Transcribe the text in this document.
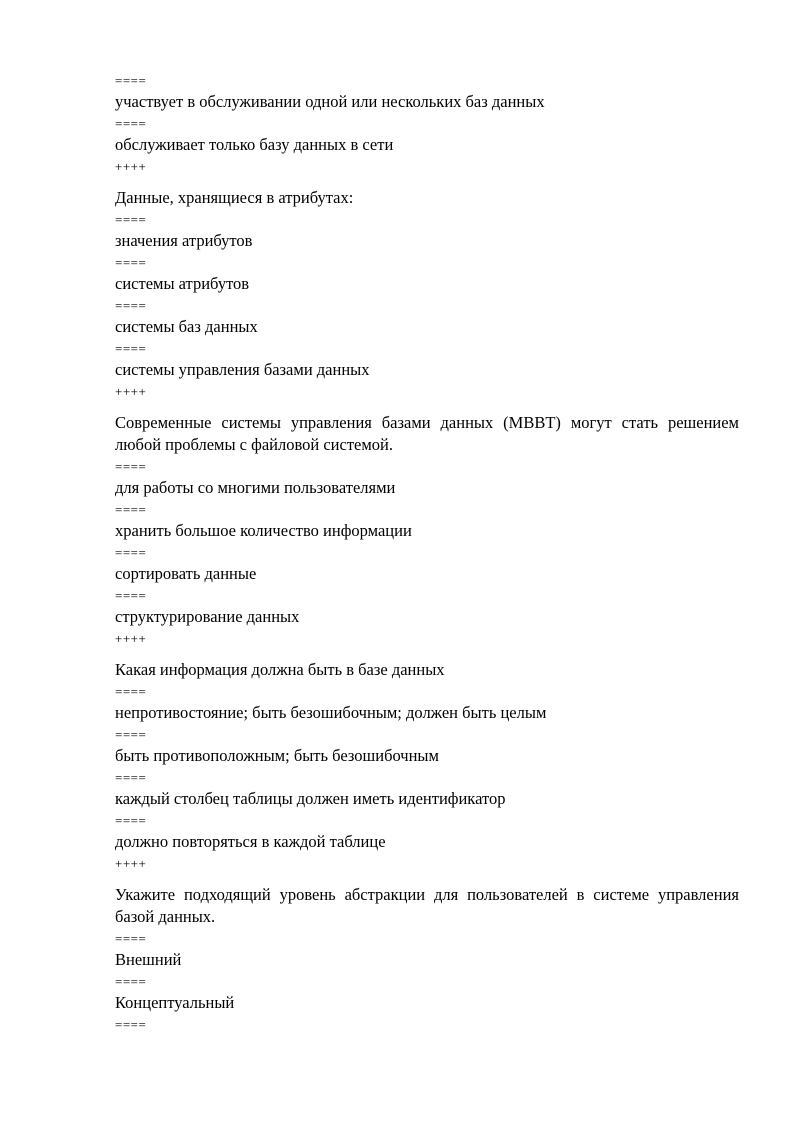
====
участвует в обслуживании одной или нескольких баз данных
====
обслуживает только базу данных в сети
++++
Данные, хранящиеся в атрибутах:
====
значения атрибутов
====
системы атрибутов
====
системы баз данных
====
системы управления базами данных
++++
Современные системы управления базами данных (MBBT) могут стать решением любой проблемы с файловой системой.
====
для работы со многими пользователями
====
хранить большое количество информации
====
сортировать данные
====
структурирование данных
++++
Какая информация должна быть в базе данных
====
непротивостояние; быть безошибочным; должен быть целым
====
быть противоположным; быть безошибочным
====
каждый столбец таблицы должен иметь идентификатор
====
должно повторяться в каждой таблице
++++
Укажите подходящий уровень абстракции для пользователей в системе управления базой данных.
====
Внешний
====
Концептуальный
====
